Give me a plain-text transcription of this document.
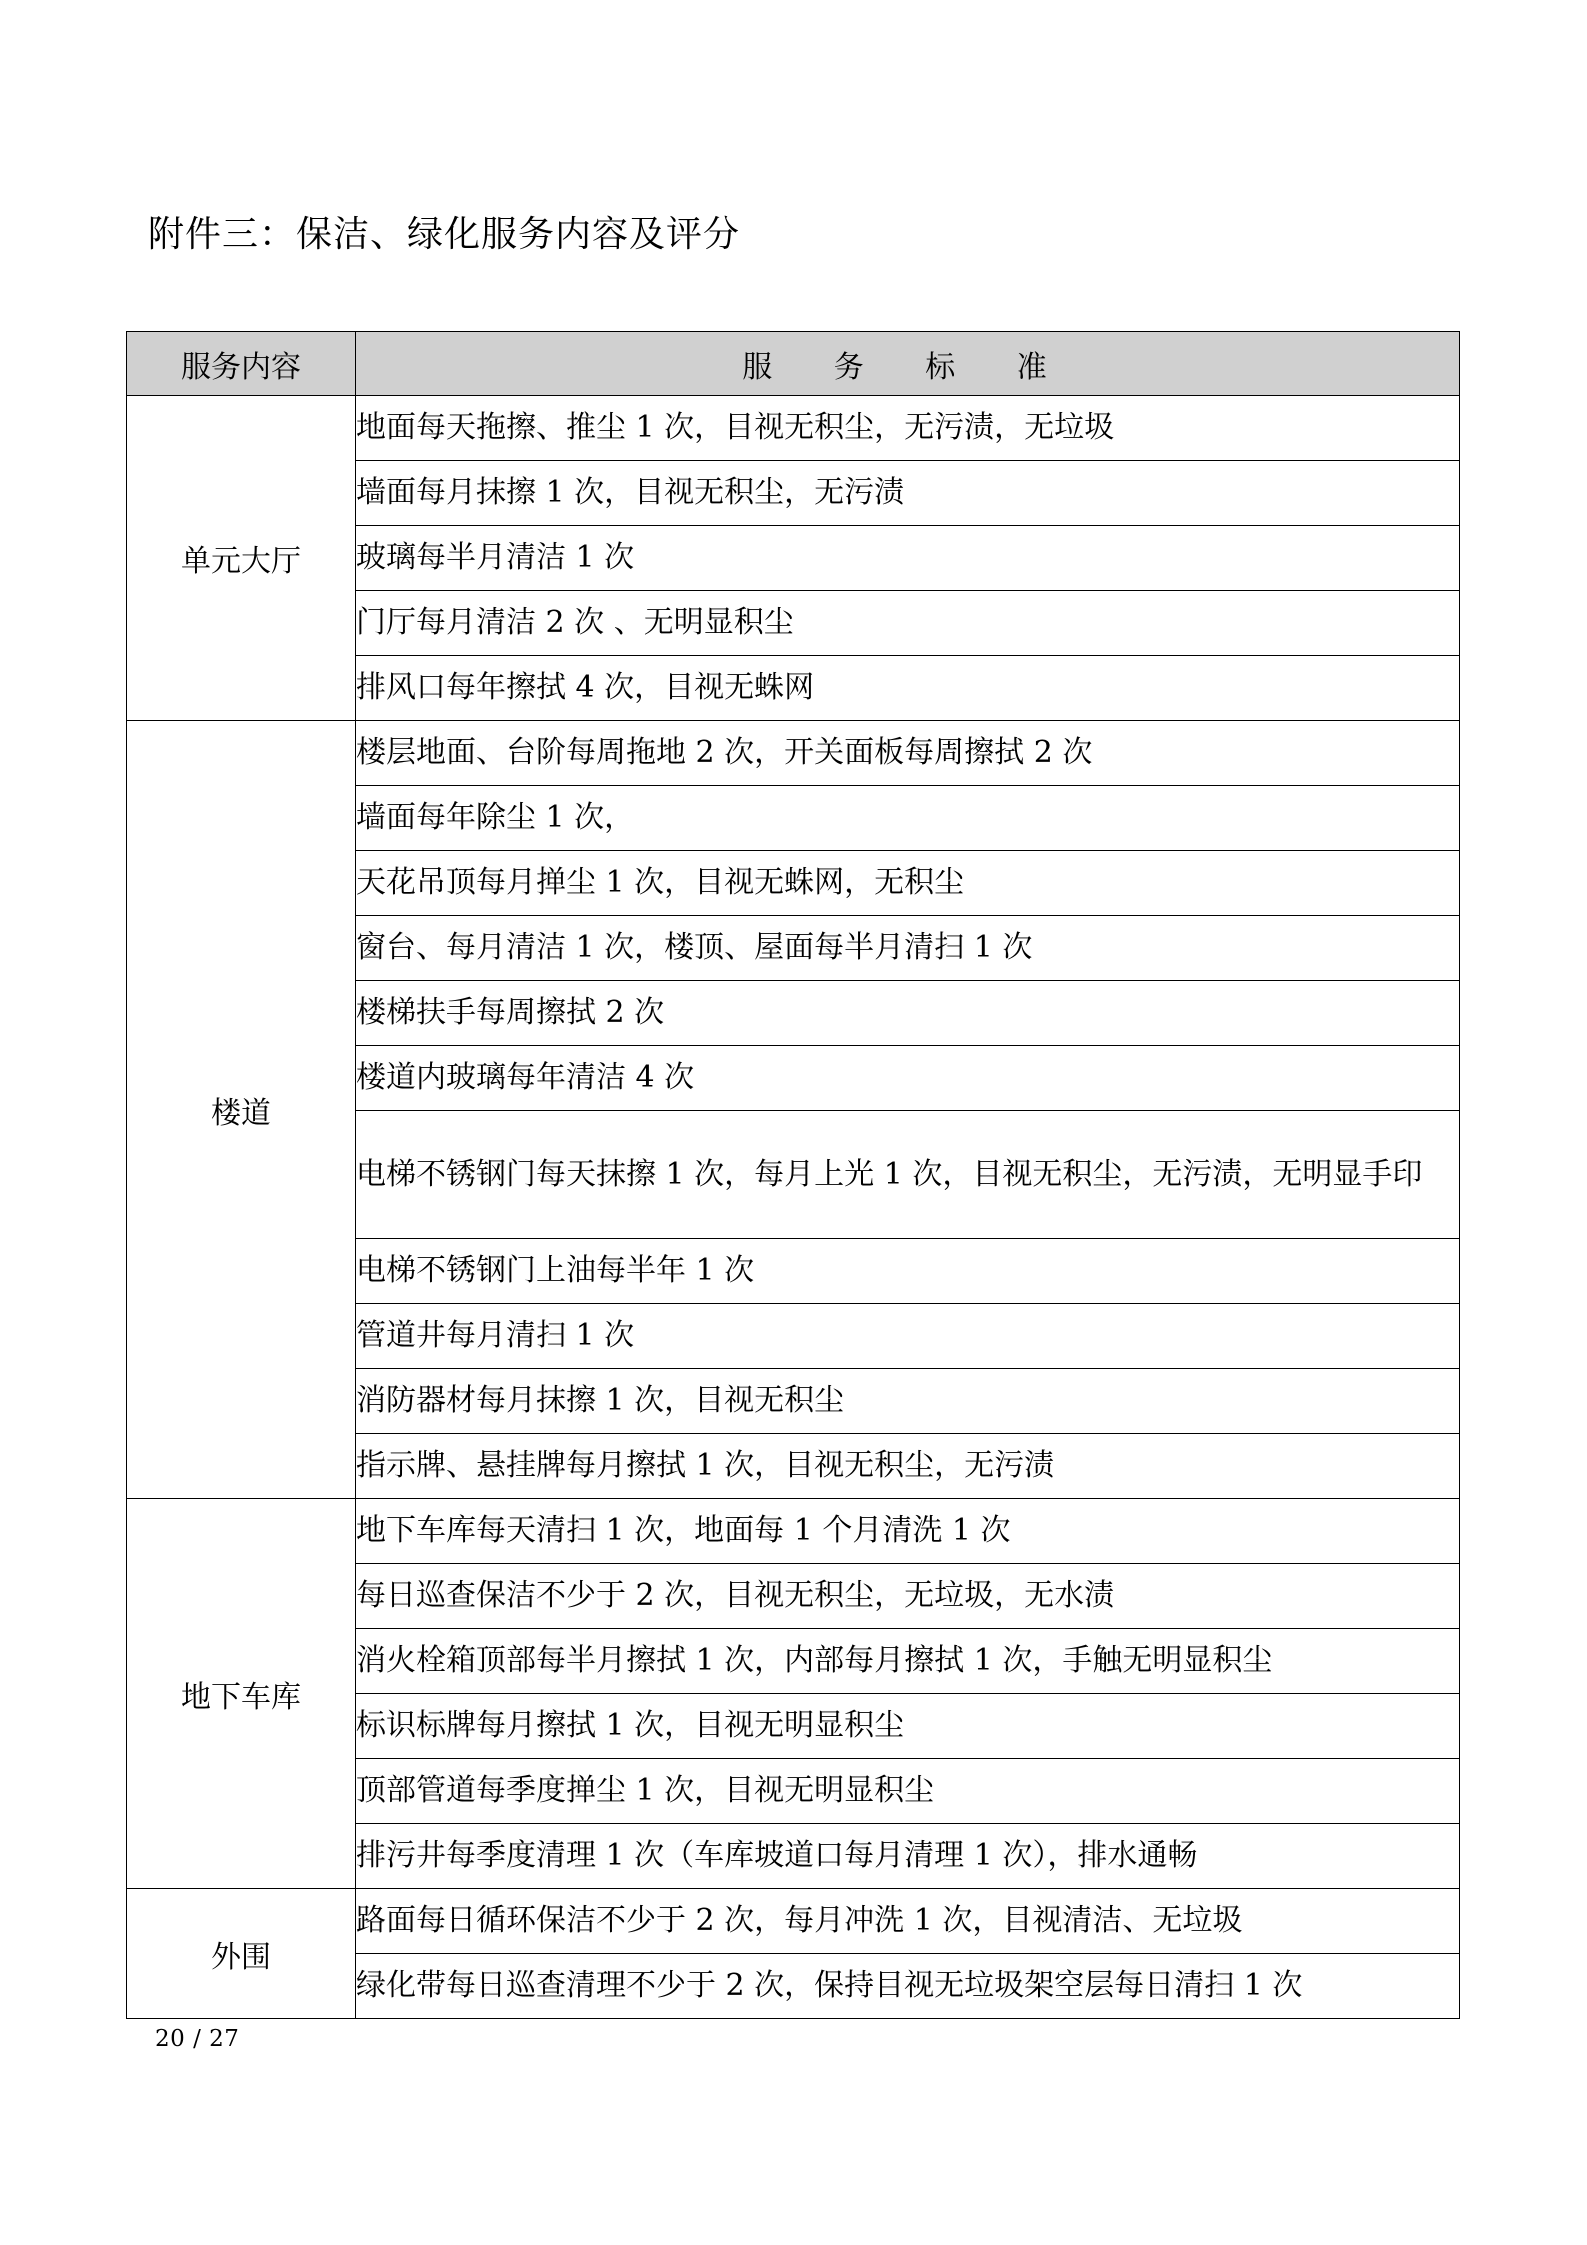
附件三：保洁、绿化服务内容及评分
服务内容	服 务 标 准
单元大厅	地面每天拖擦、推尘 1 次，目视无积尘，无污渍，无垃圾
	墙面每月抹擦 1 次，目视无积尘，无污渍
	玻璃每半月清洁 1 次
	门厅每月清洁 2 次 、无明显积尘
	排风口每年擦拭 4 次，目视无蛛网
楼道	楼层地面、台阶每周拖地 2 次，开关面板每周擦拭 2 次
	墙面每年除尘 1 次，
	天花吊顶每月掸尘 1 次，目视无蛛网，无积尘
	窗台、每月清洁 1 次，楼顶、屋面每半月清扫 1 次
	楼梯扶手每周擦拭 2 次
	楼道内玻璃每年清洁 4 次
	电梯不锈钢门每天抹擦 1 次，每月上光 1 次，目视无积尘，无污渍，无明显手印
	电梯不锈钢门上油每半年 1 次
	管道井每月清扫 1 次
	消防器材每月抹擦 1 次，目视无积尘
	指示牌、悬挂牌每月擦拭 1 次，目视无积尘，无污渍
地下车库	地下车库每天清扫 1 次，地面每 1 个月清洗 1 次
	每日巡查保洁不少于 2 次，目视无积尘，无垃圾，无水渍
	消火栓箱顶部每半月擦拭 1 次，内部每月擦拭 1 次，手触无明显积尘
	标识标牌每月擦拭 1 次，目视无明显积尘
	顶部管道每季度掸尘 1 次，目视无明显积尘
	排污井每季度清理 1 次（车库坡道口每月清理 1 次），排水通畅
外围	路面每日循环保洁不少于 2 次，每月冲洗 1 次，目视清洁、无垃圾
	绿化带每日巡查清理不少于 2 次，保持目视无垃圾架空层每日清扫 1 次
20 / 27
